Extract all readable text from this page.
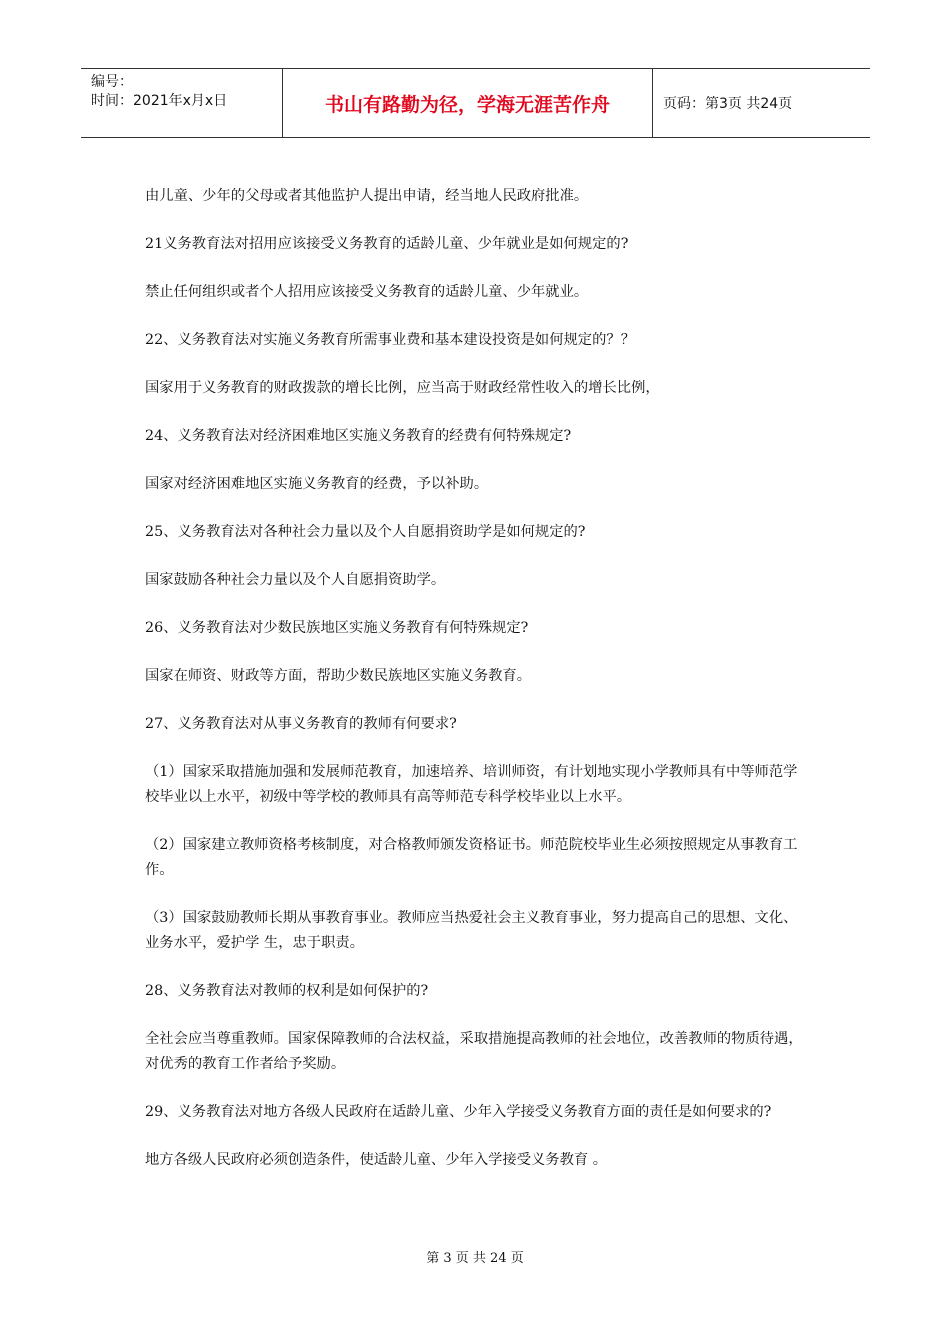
编号：
时间：2021年x月x日	书山有路勤为径，学海无涯苦作舟	页码：第3页 共24页

由儿童、少年的父母或者其他监护人提出申请，经当地人民政府批准。

21义务教育法对招用应该接受义务教育的适龄儿童、少年就业是如何规定的?

禁止任何组织或者个人招用应该接受义务教育的适龄儿童、少年就业。

22、义务教育法对实施义务教育所需事业费和基本建设投资是如何规定的？？

国家用于义务教育的财政拨款的增长比例，应当高于财政经常性收入的增长比例，

24、义务教育法对经济困难地区实施义务教育的经费有何特殊规定?

国家对经济困难地区实施义务教育的经费，予以补助。

25、义务教育法对各种社会力量以及个人自愿捐资助学是如何规定的?

国家鼓励各种社会力量以及个人自愿捐资助学。

26、义务教育法对少数民族地区实施义务教育有何特殊规定?

国家在师资、财政等方面，帮助少数民族地区实施义务教育。

27、义务教育法对从事义务教育的教师有何要求?

（1）国家采取措施加强和发展师范教育，加速培养、培训师资，有计划地实现小学教师具有中等师范学校毕业以上水平，初级中等学校的教师具有高等师范专科学校毕业以上水平。

（2）国家建立教师资格考核制度，对合格教师颁发资格证书。师范院校毕业生必须按照规定从事教育工作。

（3）国家鼓励教师长期从事教育事业。教师应当热爱社会主义教育事业，努力提高自己的思想、文化、业务水平，爱护学 生，忠于职责。

28、义务教育法对教师的权利是如何保护的?

全社会应当尊重教师。国家保障教师的合法权益，采取措施提高教师的社会地位，改善教师的物质待遇，对优秀的教育工作者给予奖励。

29、义务教育法对地方各级人民政府在适龄儿童、少年入学接受义务教育方面的责任是如何要求的?

地方各级人民政府必须创造条件，使适龄儿童、少年入学接受义务教育 。

第 3 页 共 24 页
